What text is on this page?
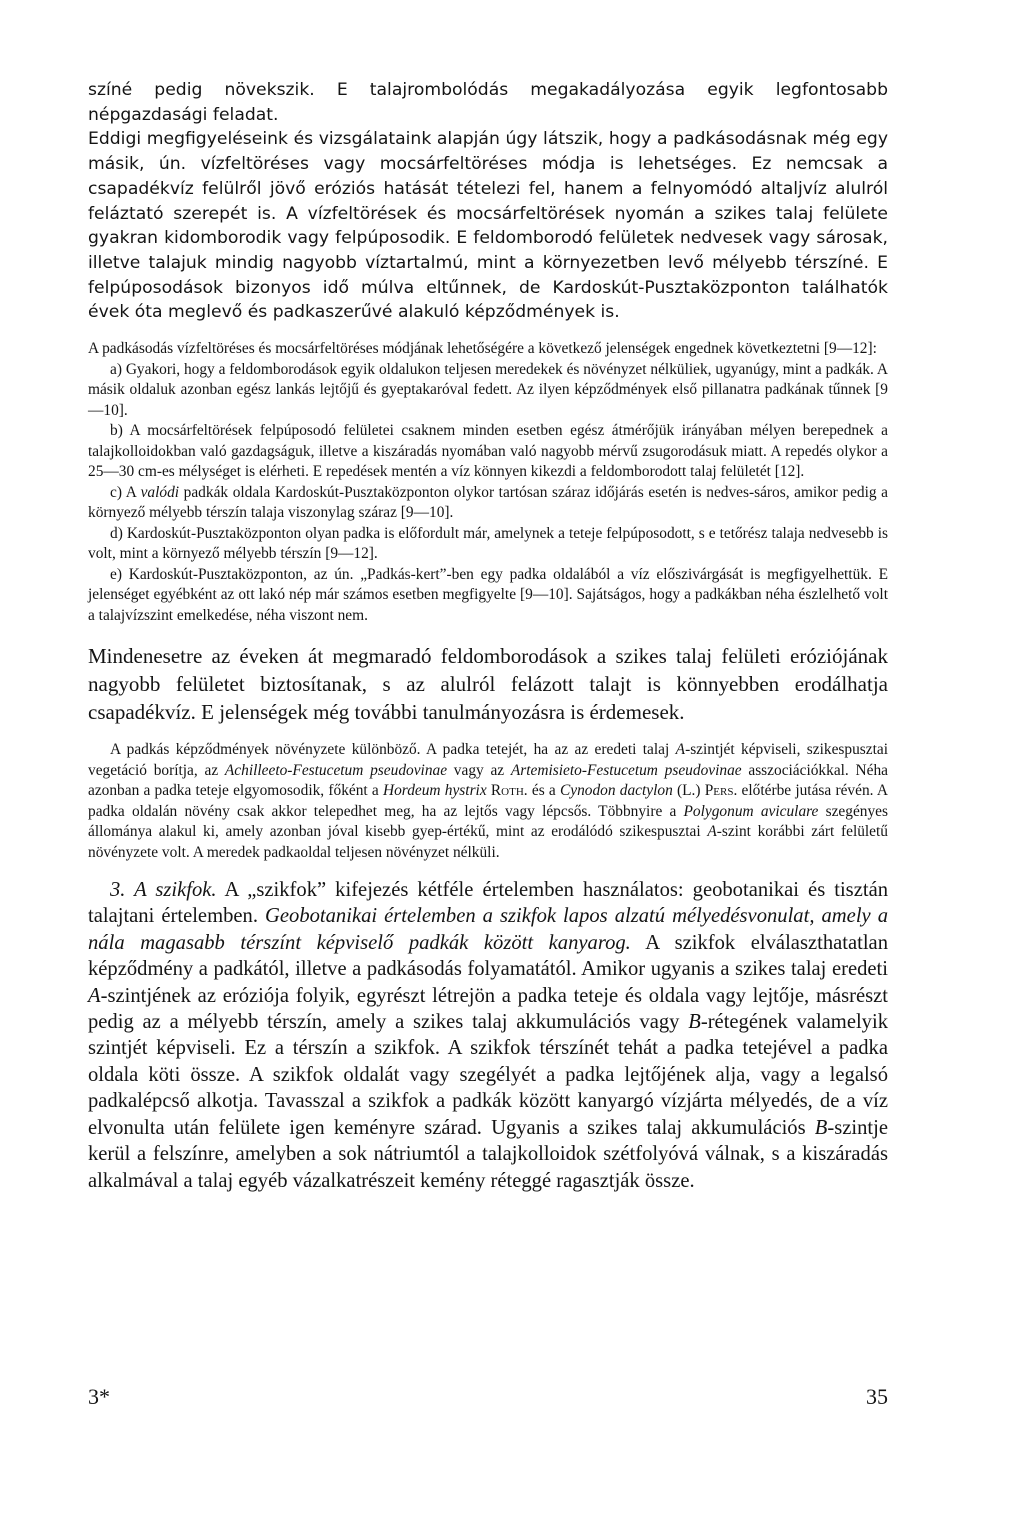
színé pedig növekszik. E talajrombolódás megakadályozása egyik legfontosabb népgazdasági feladat.

Eddigi megfigyeléseink és vizsgálataink alapján úgy látszik, hogy a padkásodásnak még egy másik, ún. vízfeltöréses vagy mocsárfeltöréses módja is lehetséges. Ez nemcsak a csapadékvíz felülről jövő eróziós hatását tételezi fel, hanem a felnyomódó altaljvíz alulról feláztató szerepét is. A vízfeltörések és mocsárfeltörések nyomán a szikes talaj felülete gyakran kidomborodik vagy felpúposodik. E feldomborodó felületek nedvesek vagy sárosak, illetve talajuk mindig nagyobb víztartalmú, mint a környezetben levő mélyebb térszíné. E felpúposodások bizonyos idő múlva eltűnnek, de Kardoskút-Pusztaközponton találhatók évek óta meglevő és padkaszerűvé alakuló képződmények is.

A padkásodás vízfeltöréses és mocsárfeltöréses módjának lehetőségére a következő jelenségek engednek következtetni [9—12]:

a) Gyakori, hogy a feldomborodások egyik oldalukon teljesen meredekek és növényzet nélküliek, ugyanúgy, mint a padkák. A másik oldaluk azonban egész lankás lejtőjű és gyeptakaróval fedett. Az ilyen képződmények első pillanatra padkának tűnnek [9—10].

b) A mocsárfeltörések felpúposodó felületei csaknem minden esetben egész átmérőjük irányában mélyen berepednek a talajkolloidokban való gazdagságuk, illetve a kiszáradás nyomában való nagyobb mérvű zsugorodásuk miatt. A repedés olykor a 25—30 cm-es mélységet is elérheti. E repedések mentén a víz könnyen kikezdi a feldomborodott talaj felületét [12].

c) A valódi padkák oldala Kardoskút-Pusztaközponton olykor tartósan száraz időjárás esetén is nedves-sáros, amikor pedig a környező mélyebb térszín talaja viszonylag száraz [9—10].

d) Kardoskút-Pusztaközponton olyan padka is előfordult már, amelynek a teteje felpúposodott, s e tetőrész talaja nedvesebb is volt, mint a környező mélyebb térszín [9—12].

e) Kardoskút-Pusztaközponton, az ún. „Padkás-kert”-ben egy padka oldalából a víz előszivárgását is megfigyelhettük. E jelenséget egyébként az ott lakó nép már számos esetben megfigyelte [9—10]. Sajátságos, hogy a padkákban néha észlelhető volt a talajvízszint emelkedése, néha viszont nem.

Mindenesetre az éveken át megmaradó feldomborodások a szikes talaj felületi eróziójának nagyobb felületet biztosítanak, s az alulról felázott talajt is könnyebben erodálhatja csapadékvíz. E jelenségek még további tanulmányozásra is érdemesek.

A padkás képződmények növényzete különböző. A padka tetejét, ha az az eredeti talaj A-szintjét képviseli, szikespusztai vegetáció borítja, az Achilleeto-Festucetum pseudovinae vagy az Artemisieto-Festucetum pseudovinae asszociációkkal. Néha azonban a padka teteje elgyomosodik, főként a Hordeum hystrix Roth. és a Cynodon dactylon (L.) Pers. előtérbe jutása révén. A padka oldalán növény csak akkor telepedhet meg, ha az lejtős vagy lépcsős. Többnyire a Polygonum aviculare szegényes állománya alakul ki, amely azonban jóval kisebb gyep-értékű, mint az erodálódó szikespusztai A-szint korábbi zárt felületű növényzete volt. A meredek padkaoldal teljesen növényzet nélküli.

3. A szikfok. A „szikfok” kifejezés kétféle értelemben használatos: geobotanikai és tisztán talajtani értelemben. Geobotanikai értelemben a szikfok lapos alzatú mélyedésvonulat, amely a nála magasabb térszínt képviselő padkák között kanyarog. A szikfok elválaszthatatlan képződmény a padkától, illetve a padkásodás folyamatától. Amikor ugyanis a szikes talaj eredeti A-szintjének az eróziója folyik, egyrészt létrejön a padka teteje és oldala vagy lejtője, másrészt pedig az a mélyebb térszín, amely a szikes talaj akkumulációs vagy B-rétegének valamelyik szintjét képviseli. Ez a térszín a szikfok. A szikfok térszínét tehát a padka tetejével a padka oldala köti össze. A szikfok oldalát vagy szegélyét a padka lejtőjének alja, vagy a legalsó padkalépcső alkotja. Tavasszal a szikfok a padkák között kanyargó vízjárta mélyedés, de a víz elvonulta után felülete igen keményre szárad. Ugyanis a szikes talaj akkumulációs B-szintje kerül a felszínre, amelyben a sok nátriumtól a talajkolloidok szétfolyóvá válnak, s a kiszáradás alkalmával a talaj egyéb vázalkatrészeit kemény réteggé ragasztják össze.

3*	35
